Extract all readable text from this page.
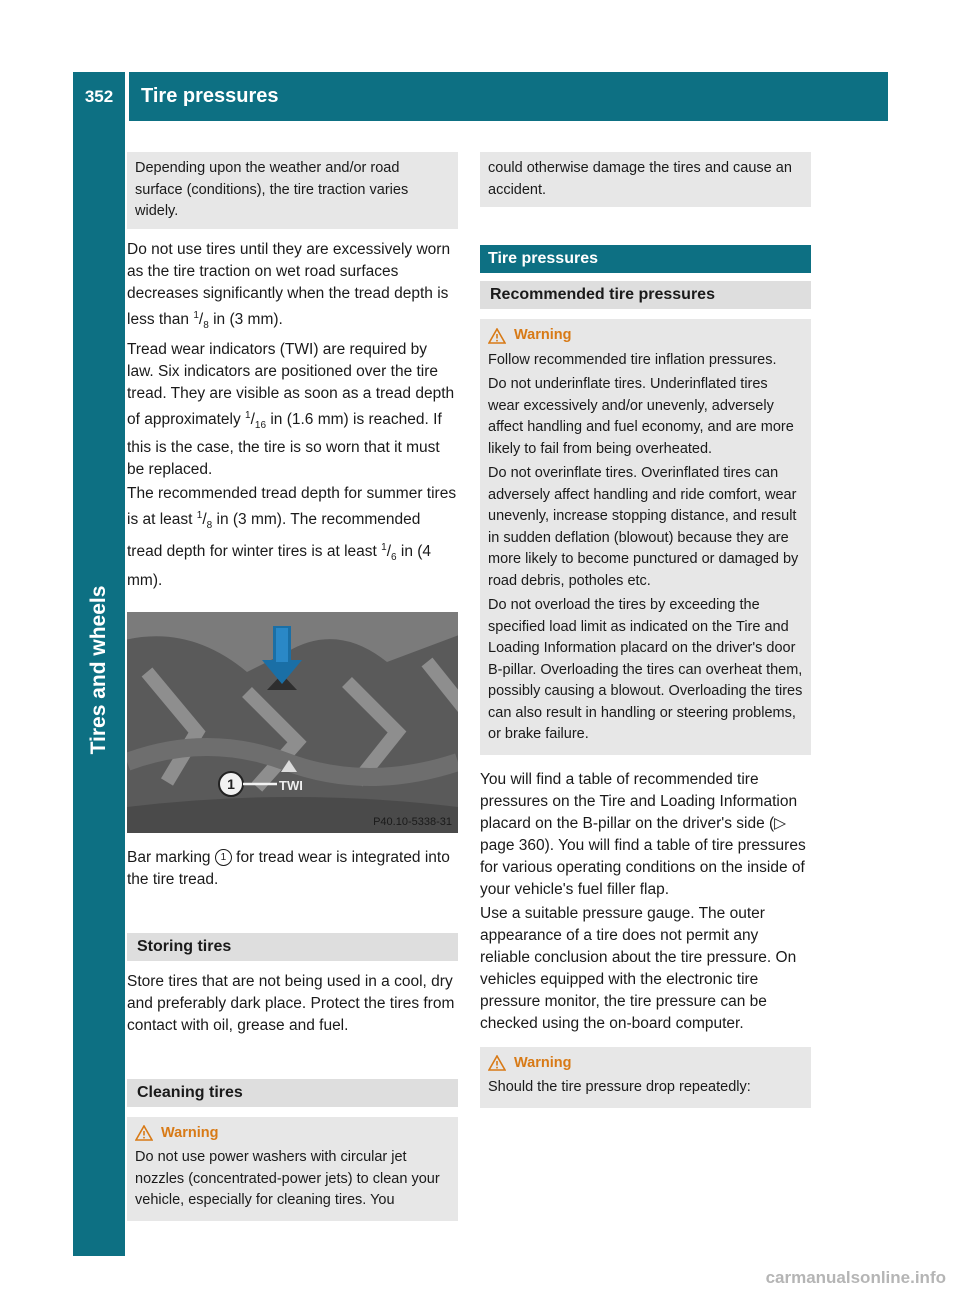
352	Tire pressures
Tires and wheels
Depending upon the weather and/or road surface (conditions), the tire traction varies widely.

Do not use tires until they are excessively worn as the tire traction on wet road surfaces decreases significantly when the tread depth is less than $^1/_8$ in (3 mm).

Tread wear indicators (TWI) are required by law. Six indicators are positioned over the tire tread. They are visible as soon as a tread depth of approximately $^1/_{16}$ in (1.6 mm) is reached. If this is the case, the tire is so worn that it must be replaced.

The recommended tread depth for summer tires is at least $^1/_8$ in (3 mm). The recommended tread depth for winter tires is at least $^1/_6$ in (4 mm).

1	TWI
P40.10-5338-31

Bar marking 1 for tread wear is integrated into the tire tread.

Storing tires

Store tires that are not being used in a cool, dry and preferably dark place. Protect the tires from contact with oil, grease and fuel.

Cleaning tires
Warning

Do not use power washers with circular jet nozzles (concentrated-power jets) to clean your vehicle, especially for cleaning tires. You

could otherwise damage the tires and cause an accident.
Tire pressures
Recommended tire pressures
Warning

Follow recommended tire inflation pressures.

Do not underinflate tires. Underinflated tires wear excessively and/or unevenly, adversely affect handling and fuel economy, and are more likely to fail from being overheated.

Do not overinflate tires. Overinflated tires can adversely affect handling and ride comfort, wear unevenly, increase stopping distance, and result in sudden deflation (blowout) because they are more likely to become punctured or damaged by road debris, potholes etc.

Do not overload the tires by exceeding the specified load limit as indicated on the Tire and Loading Information placard on the driver's door B-pillar. Overloading the tires can overheat them, possibly causing a blowout. Overloading the tires can also result in handling or steering problems, or brake failure.

You will find a table of recommended tire pressures on the Tire and Loading Information placard on the B-pillar on the driver's side (▷ page 360). You will find a table of tire pressures for various operating conditions on the inside of your vehicle's fuel filler flap.

Use a suitable pressure gauge. The outer appearance of a tire does not permit any reliable conclusion about the tire pressure. On vehicles equipped with the electronic tire pressure monitor, the tire pressure can be checked using the on-board computer.

Warning

Should the tire pressure drop repeatedly:

carmanualsonline.info
